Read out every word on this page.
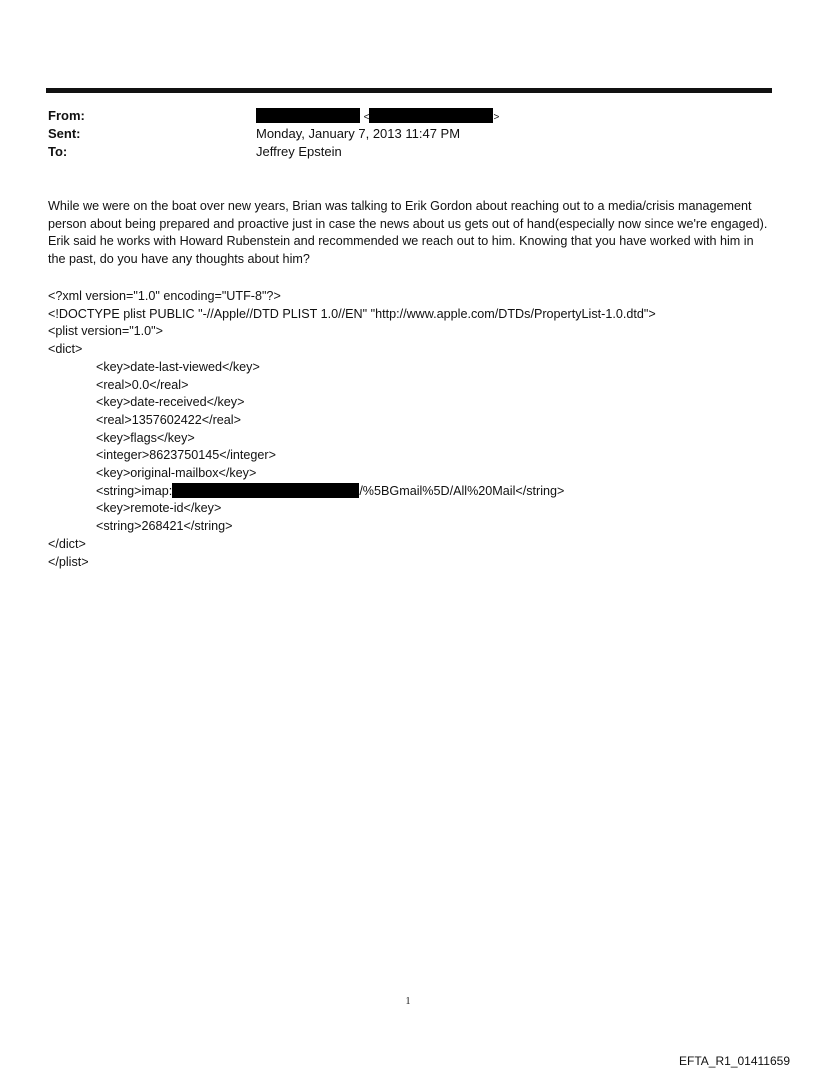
From:	<	>
Sent:	Monday, January 7, 2013 11:47 PM
To:	Jeffrey Epstein
While we were on the boat over new years, Brian was talking to Erik Gordon about reaching out to a media/crisis management person about being prepared and proactive just in case the news about us gets out of hand(especially now since we're engaged). Erik said he works with Howard Rubenstein and recommended we reach out to him. Knowing that you have worked with him in the past, do you have any thoughts about him?
<?xml version="1.0" encoding="UTF-8"?>
<!DOCTYPE plist PUBLIC "-//Apple//DTD PLIST 1.0//EN" "http://www.apple.com/DTDs/PropertyList-1.0.dtd">
<plist version="1.0">
<dict>
<key>date-last-viewed</key>
<real>0.0</real>
<key>date-received</key>
<real>1357602422</real>
<key>flags</key>
<integer>8623750145</integer>
<key>original-mailbox</key>
<string>imap:	/%5BGmail%5D/All%20Mail</string>
<key>remote-id</key>
<string>268421</string>
</dict>
</plist>
1
EFTA_R1_01411659
